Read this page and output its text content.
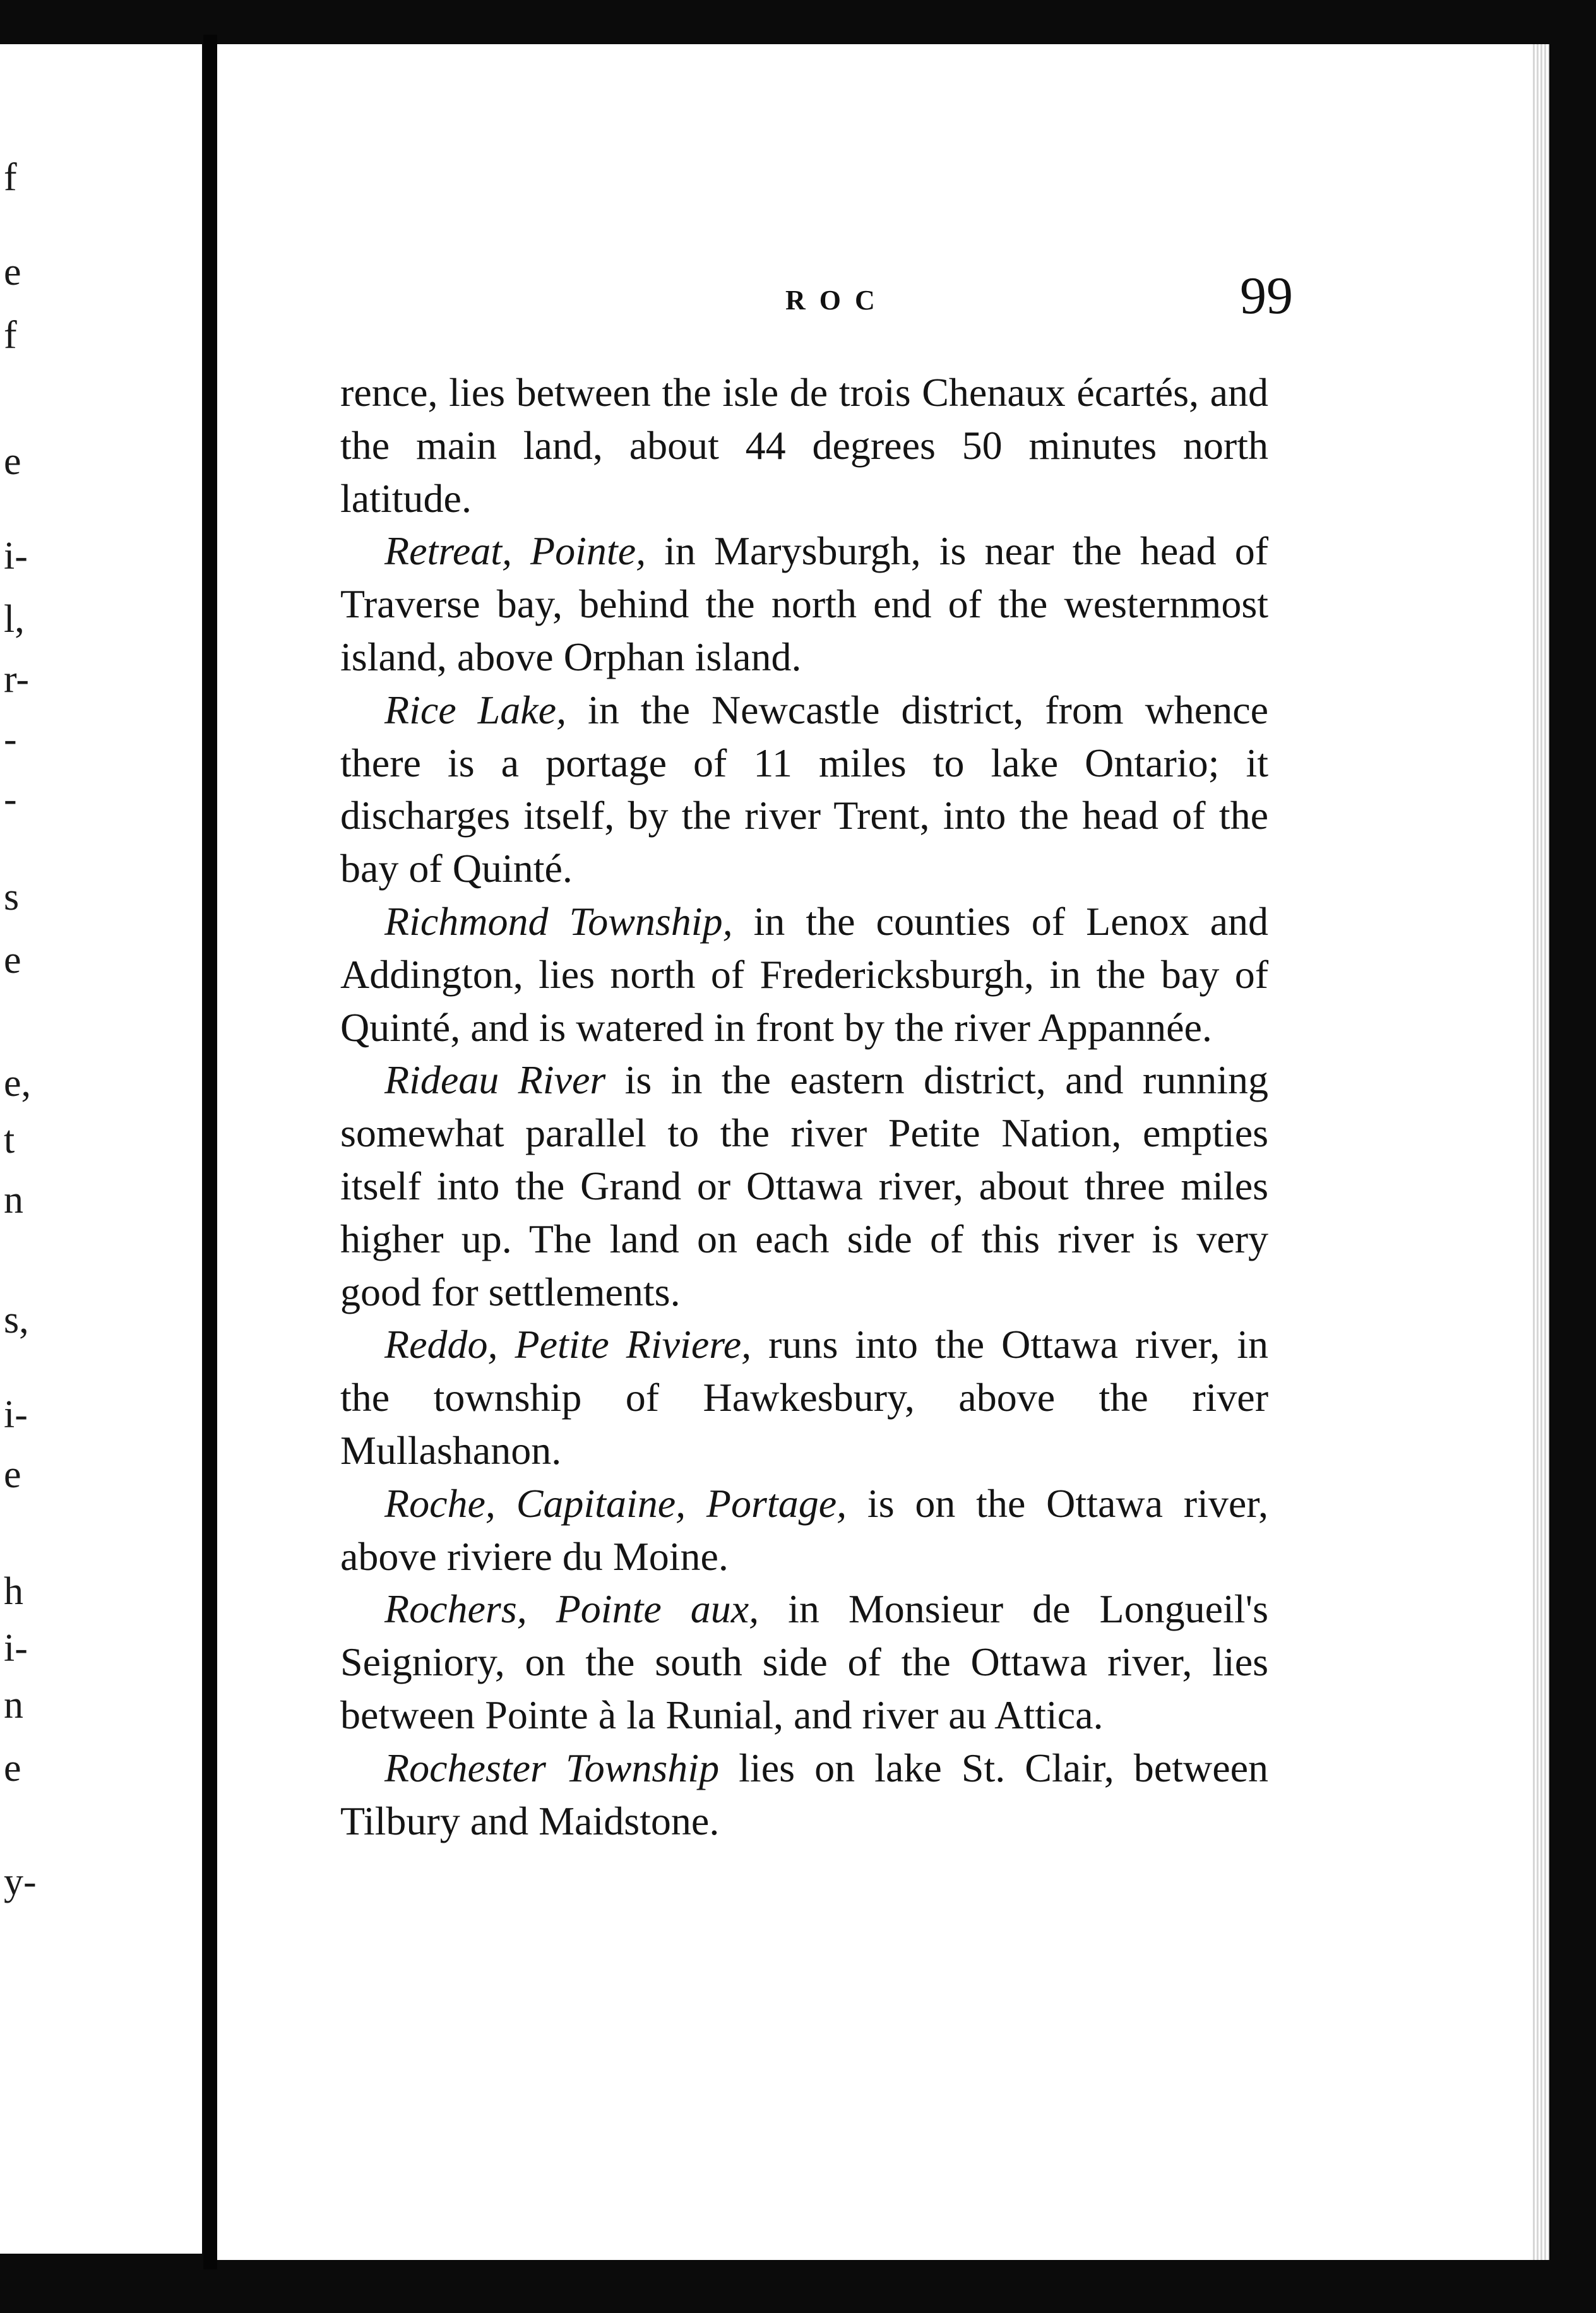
f
e
f
e
i-
l,
r-
-
-
s
e
e,
t
n
s,
i-
e
h
i-
n
e
y-
ROC	99

rence, lies between the isle de trois Chenaux écartés, and the main land, about 44 degrees 50 minutes north latitude.

Retreat, Pointe, in Marysburgh, is near the head of Traverse bay, behind the north end of the westernmost island, above Orphan island.

Rice Lake, in the Newcastle district, from whence there is a portage of 11 miles to lake Ontario; it discharges itself, by the river Trent, into the head of the bay of Quinté.

Richmond Township, in the counties of Lenox and Addington, lies north of Fredericksburgh, in the bay of Quinté, and is watered in front by the river Appannée.

Rideau River is in the eastern district, and running somewhat parallel to the river Petite Nation, empties itself into the Grand or Ottawa river, about three miles higher up. The land on each side of this river is very good for settlements.

Reddo, Petite Riviere, runs into the Ottawa river, in the township of Hawkesbury, above the river Mullashanon.

Roche, Capitaine, Portage, is on the Ottawa river, above riviere du Moine.

Rochers, Pointe aux, in Monsieur de Longueil's Seigniory, on the south side of the Ottawa river, lies between Pointe à la Runial, and river au Attica.

Rochester Township lies on lake St. Clair, between Tilbury and Maidstone.
